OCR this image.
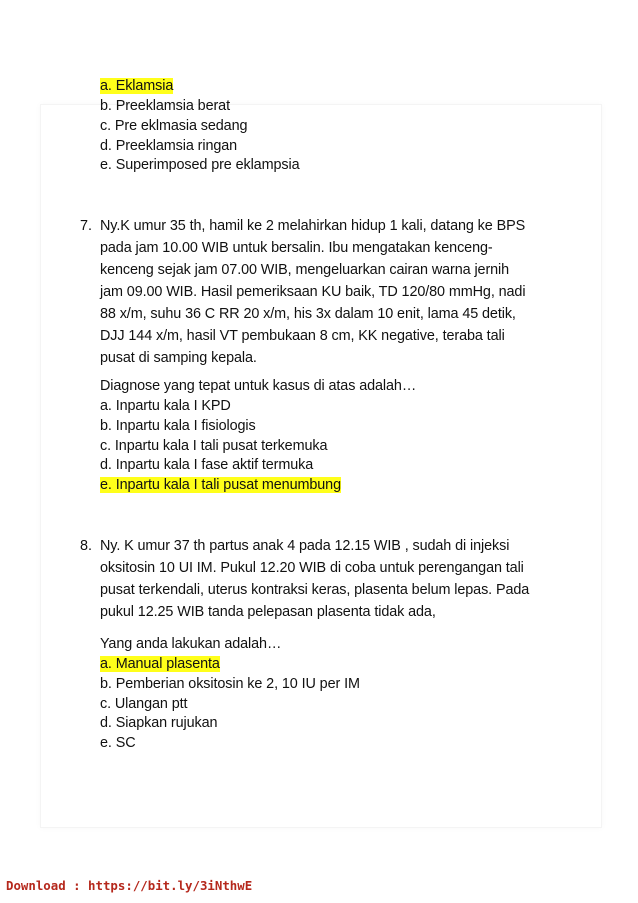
a. Eklamsia
b. Preeklamsia berat
c. Pre eklmasia sedang
d. Preeklamsia ringan
e. Superimposed pre eklampsia
7. Ny.K umur 35 th, hamil ke 2 melahirkan hidup 1 kali, datang ke BPS
pada jam 10.00 WIB untuk bersalin. Ibu mengatakan kenceng-
kenceng sejak jam 07.00 WIB, mengeluarkan cairan warna jernih
jam 09.00 WIB. Hasil pemeriksaan KU baik, TD 120/80 mmHg, nadi
88 x/m, suhu 36 C RR 20 x/m, his 3x dalam 10 enit, lama 45 detik,
DJJ 144 x/m, hasil VT pembukaan 8 cm, KK negative, teraba tali
pusat di samping kepala.
Diagnose yang tepat untuk kasus di atas adalah…
a. Inpartu kala I KPD
b. Inpartu kala I fisiologis
c. Inpartu kala I tali pusat terkemuka
d. Inpartu kala I fase aktif termuka
e. Inpartu kala I tali pusat menumbung
8. Ny. K umur 37 th partus anak 4 pada 12.15 WIB , sudah di injeksi
oksitosin 10 UI IM. Pukul 12.20 WIB di coba untuk perengangan tali
pusat terkendali, uterus kontraksi keras, plasenta belum lepas. Pada
pukul 12.25 WIB tanda pelepasan plasenta tidak ada,
Yang anda lakukan adalah…
a. Manual plasenta
b. Pemberian oksitosin ke 2, 10 IU per IM
c. Ulangan ptt
d. Siapkan rujukan
e. SC
Download : https://bit.ly/3iNthwE
